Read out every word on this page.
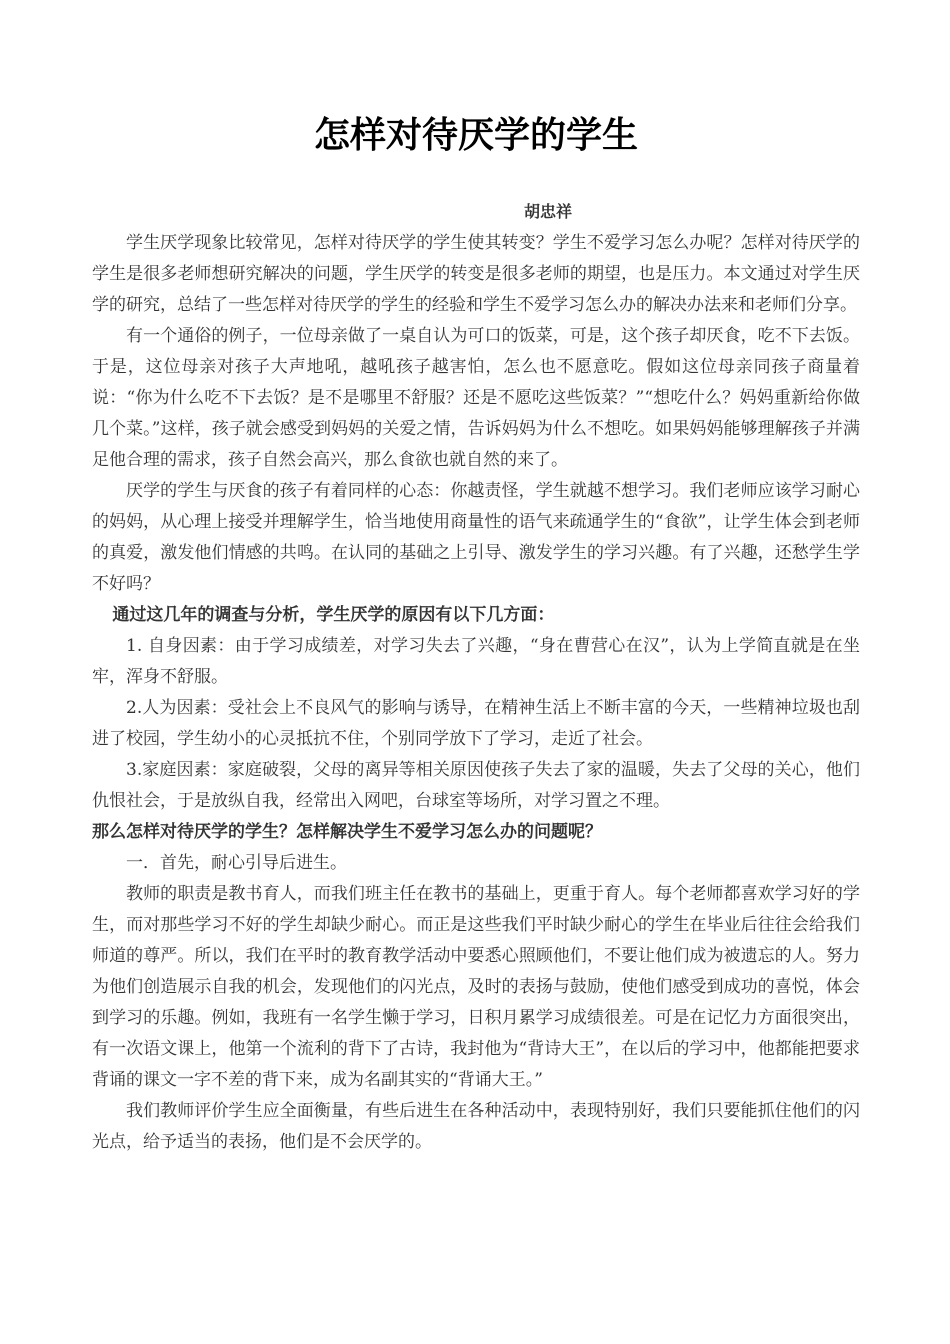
怎样对待厌学的学生
胡忠祥

学生厌学现象比较常见，怎样对待厌学的学生使其转变？学生不爱学习怎么办呢？怎样对待厌学的学生是很多老师想研究解决的问题，学生厌学的转变是很多老师的期望，也是压力。本文通过对学生厌学的研究，总结了一些怎样对待厌学的学生的经验和学生不爱学习怎么办的解决办法来和老师们分享。

有一个通俗的例子，一位母亲做了一桌自认为可口的饭菜，可是，这个孩子却厌食，吃不下去饭。于是，这位母亲对孩子大声地吼，越吼孩子越害怕，怎么也不愿意吃。假如这位母亲同孩子商量着说：“你为什么吃不下去饭？是不是哪里不舒服？还是不愿吃这些饭菜？”“想吃什么？妈妈重新给你做几个菜。”这样，孩子就会感受到妈妈的关爱之情，告诉妈妈为什么不想吃。如果妈妈能够理解孩子并满足他合理的需求，孩子自然会高兴，那么食欲也就自然的来了。

厌学的学生与厌食的孩子有着同样的心态：你越责怪，学生就越不想学习。我们老师应该学习耐心的妈妈，从心理上接受并理解学生，恰当地使用商量性的语气来疏通学生的“食欲”，让学生体会到老师的真爱，激发他们情感的共鸣。在认同的基础之上引导、激发学生的学习兴趣。有了兴趣，还愁学生学不好吗？

通过这几年的调查与分析，学生厌学的原因有以下几方面：

1. 自身因素：由于学习成绩差，对学习失去了兴趣，“身在曹营心在汉”，认为上学简直就是在坐牢，浑身不舒服。

2.人为因素：受社会上不良风气的影响与诱导，在精神生活上不断丰富的今天，一些精神垃圾也刮进了校园，学生幼小的心灵抵抗不住，个别同学放下了学习，走近了社会。

3.家庭因素：家庭破裂，父母的离异等相关原因使孩子失去了家的温暖，失去了父母的关心，他们仇恨社会，于是放纵自我，经常出入网吧，台球室等场所，对学习置之不理。

那么怎样对待厌学的学生？怎样解决学生不爱学习怎么办的问题呢？

一．首先，耐心引导后进生。

教师的职责是教书育人，而我们班主任在教书的基础上，更重于育人。每个老师都喜欢学习好的学生，而对那些学习不好的学生却缺少耐心。而正是这些我们平时缺少耐心的学生在毕业后往往会给我们师道的尊严。所以，我们在平时的教育教学活动中要悉心照顾他们，不要让他们成为被遗忘的人。努力为他们创造展示自我的机会，发现他们的闪光点，及时的表扬与鼓励，使他们感受到成功的喜悦，体会到学习的乐趣。例如，我班有一名学生懒于学习，日积月累学习成绩很差。可是在记忆力方面很突出，有一次语文课上，他第一个流利的背下了古诗，我封他为“背诗大王”，在以后的学习中，他都能把要求背诵的课文一字不差的背下来，成为名副其实的“背诵大王。”

我们教师评价学生应全面衡量，有些后进生在各种活动中，表现特别好，我们只要能抓住他们的闪光点，给予适当的表扬，他们是不会厌学的。
